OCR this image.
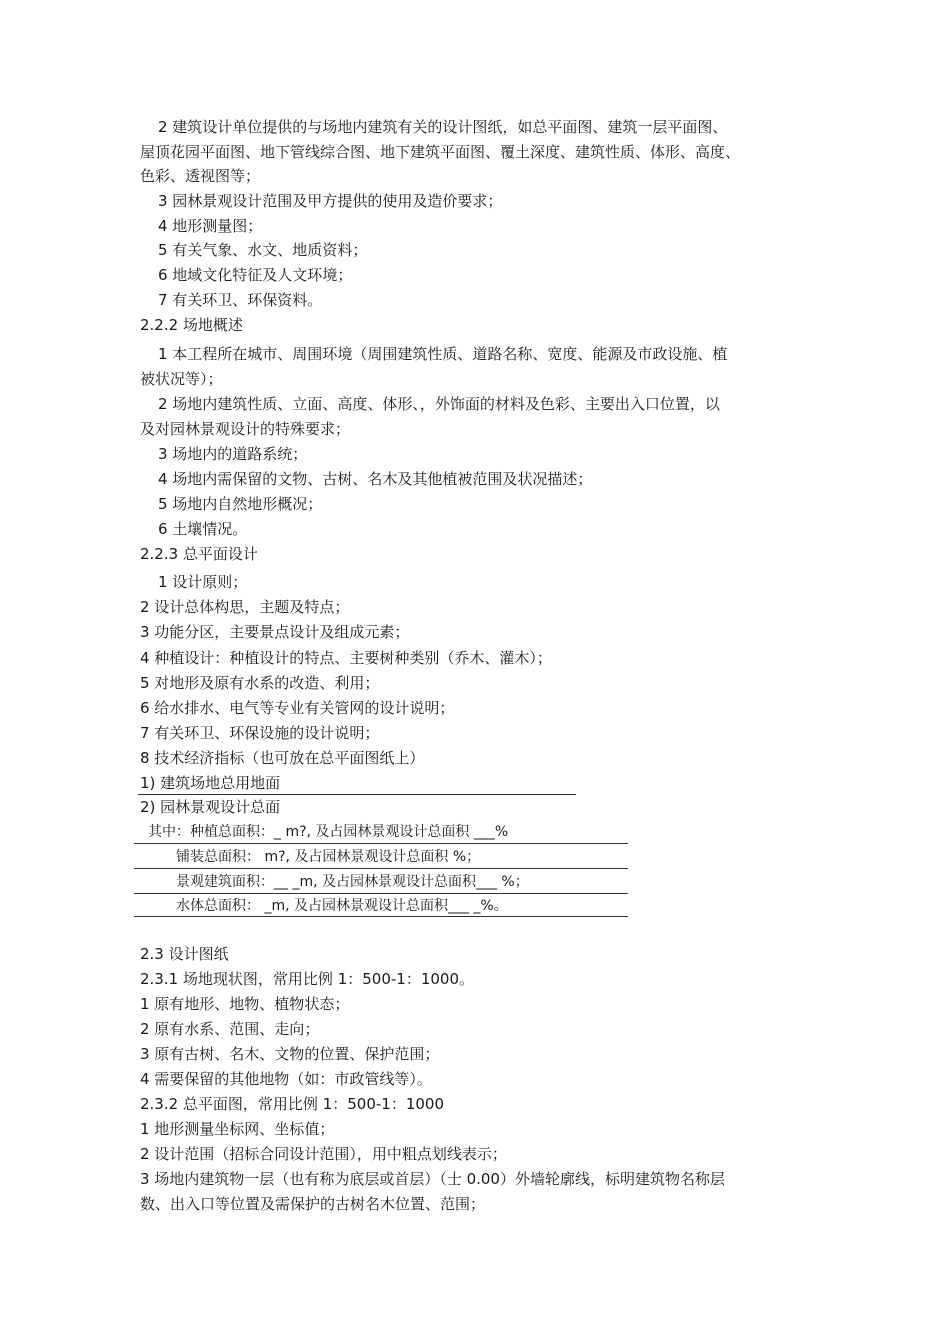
2 建筑设计单位提供的与场地内建筑有关的设计图纸，如总平面图、建筑一层平面图、
屋顶花园平面图、地下管线综合图、地下建筑平面图、覆土深度、建筑性质、体形、高度、
色彩、透视图等；
3 园林景观设计范围及甲方提供的使用及造价要求；
4 地形测量图；
5 有关气象、水文、地质资料；
6 地域文化特征及人文环境；
7 有关环卫、环保资料。
2.2.2 场地概述
1 本工程所在城市、周围环境（周围建筑性质、道路名称、宽度、能源及市政设施、植
被状况等）；
2 场地内建筑性质、立面、高度、体形、，外饰面的材料及色彩、主要出入口位置，以
及对园林景观设计的特殊要求；
3 场地内的道路系统；
4 场地内需保留的文物、古树、名木及其他植被范围及状况描述；
5 场地内自然地形概况；
6 土壤情况。
2.2.3 总平面设计
1 设计原则；
2 设计总体构思，主题及特点；
3 功能分区，主要景点设计及组成元素；
4 种植设计：种植设计的特点、主要树种类别（乔木、灌木）；
5 对地形及原有水系的改造、利用；
6 给水排水、电气等专业有关管网的设计说明；
7 有关环卫、环保设施的设计说明；
8 技术经济指标（也可放在总平面图纸上）
1) 建筑场地总用地面
2) 园林景观设计总面
其中：种植总面积：_ m?, 及占园林景观设计总面积 ___%
铺装总面积： m?, 及占园林景观设计总面积 %；
景观建筑面积：__ _m, 及占园林景观设计总面积___ %；
水体总面积： _m, 及占园林景观设计总面积___ _%。
2.3 设计图纸
2.3.1 场地现状图，常用比例 1：500-1：1000。
1 原有地形、地物、植物状态；
2 原有水系、范围、走向；
3 原有古树、名木、文物的位置、保护范围；
4 需要保留的其他地物（如：市政管线等）。
2.3.2 总平面图，常用比例 1：500-1：1000
1 地形测量坐标网、坐标值；
2 设计范围（招标合同设计范围），用中粗点划线表示；
3 场地内建筑物一层（也有称为底层或首层）（士 0.00）外墙轮廓线，标明建筑物名称层
数、出入口等位置及需保护的古树名木位置、范围；
